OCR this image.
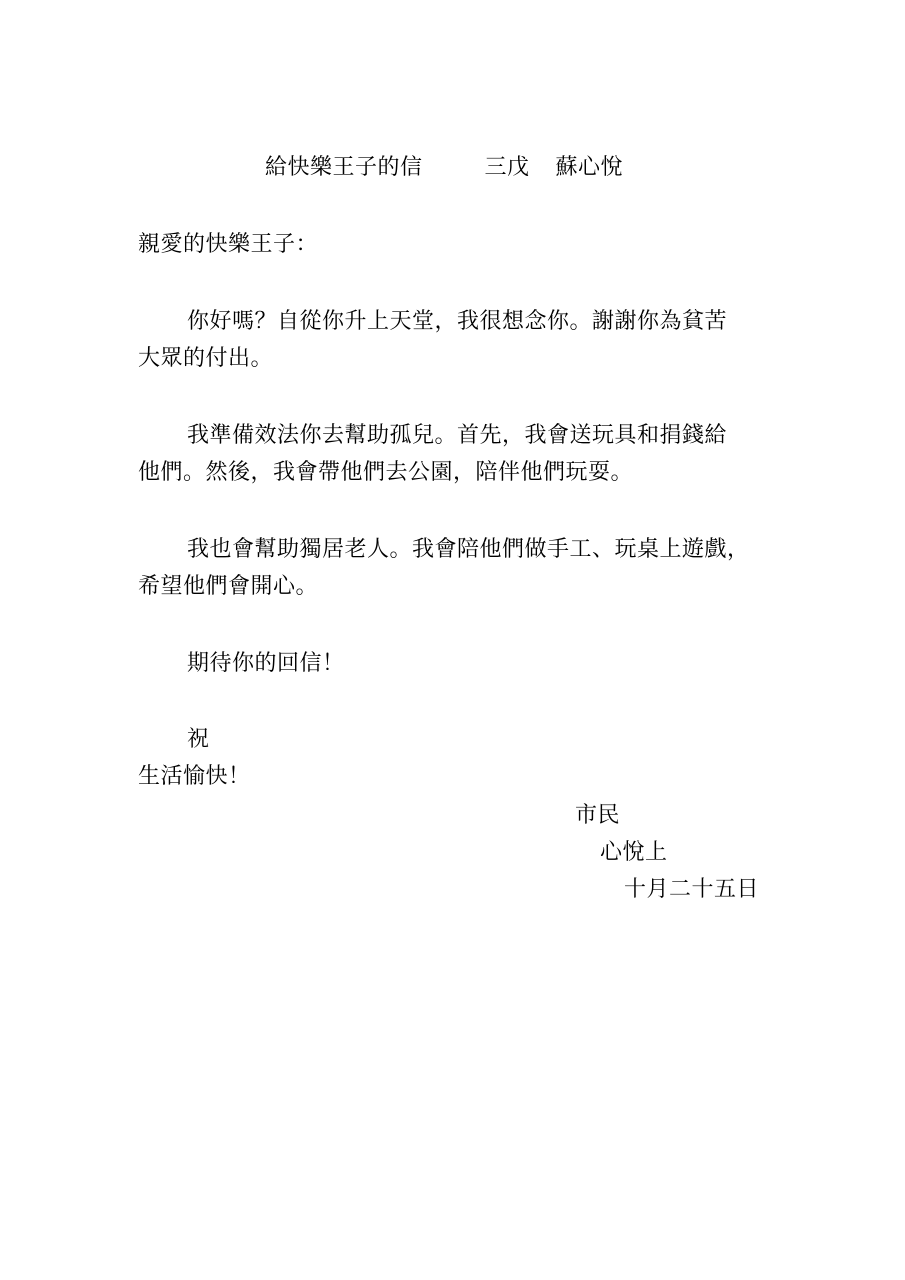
給快樂王子的信	三戊 蘇心悅
親愛的快樂王子：
你好嗎？自從你升上天堂，我很想念你。謝謝你為貧苦
大眾的付出。
我準備效法你去幫助孤兒。首先，我會送玩具和捐錢給
他們。然後，我會帶他們去公園，陪伴他們玩耍。
我也會幫助獨居老人。我會陪他們做手工、玩桌上遊戲，
希望他們會開心。
期待你的回信！
祝
生活愉快！
市民
心悅上
十月二十五日
